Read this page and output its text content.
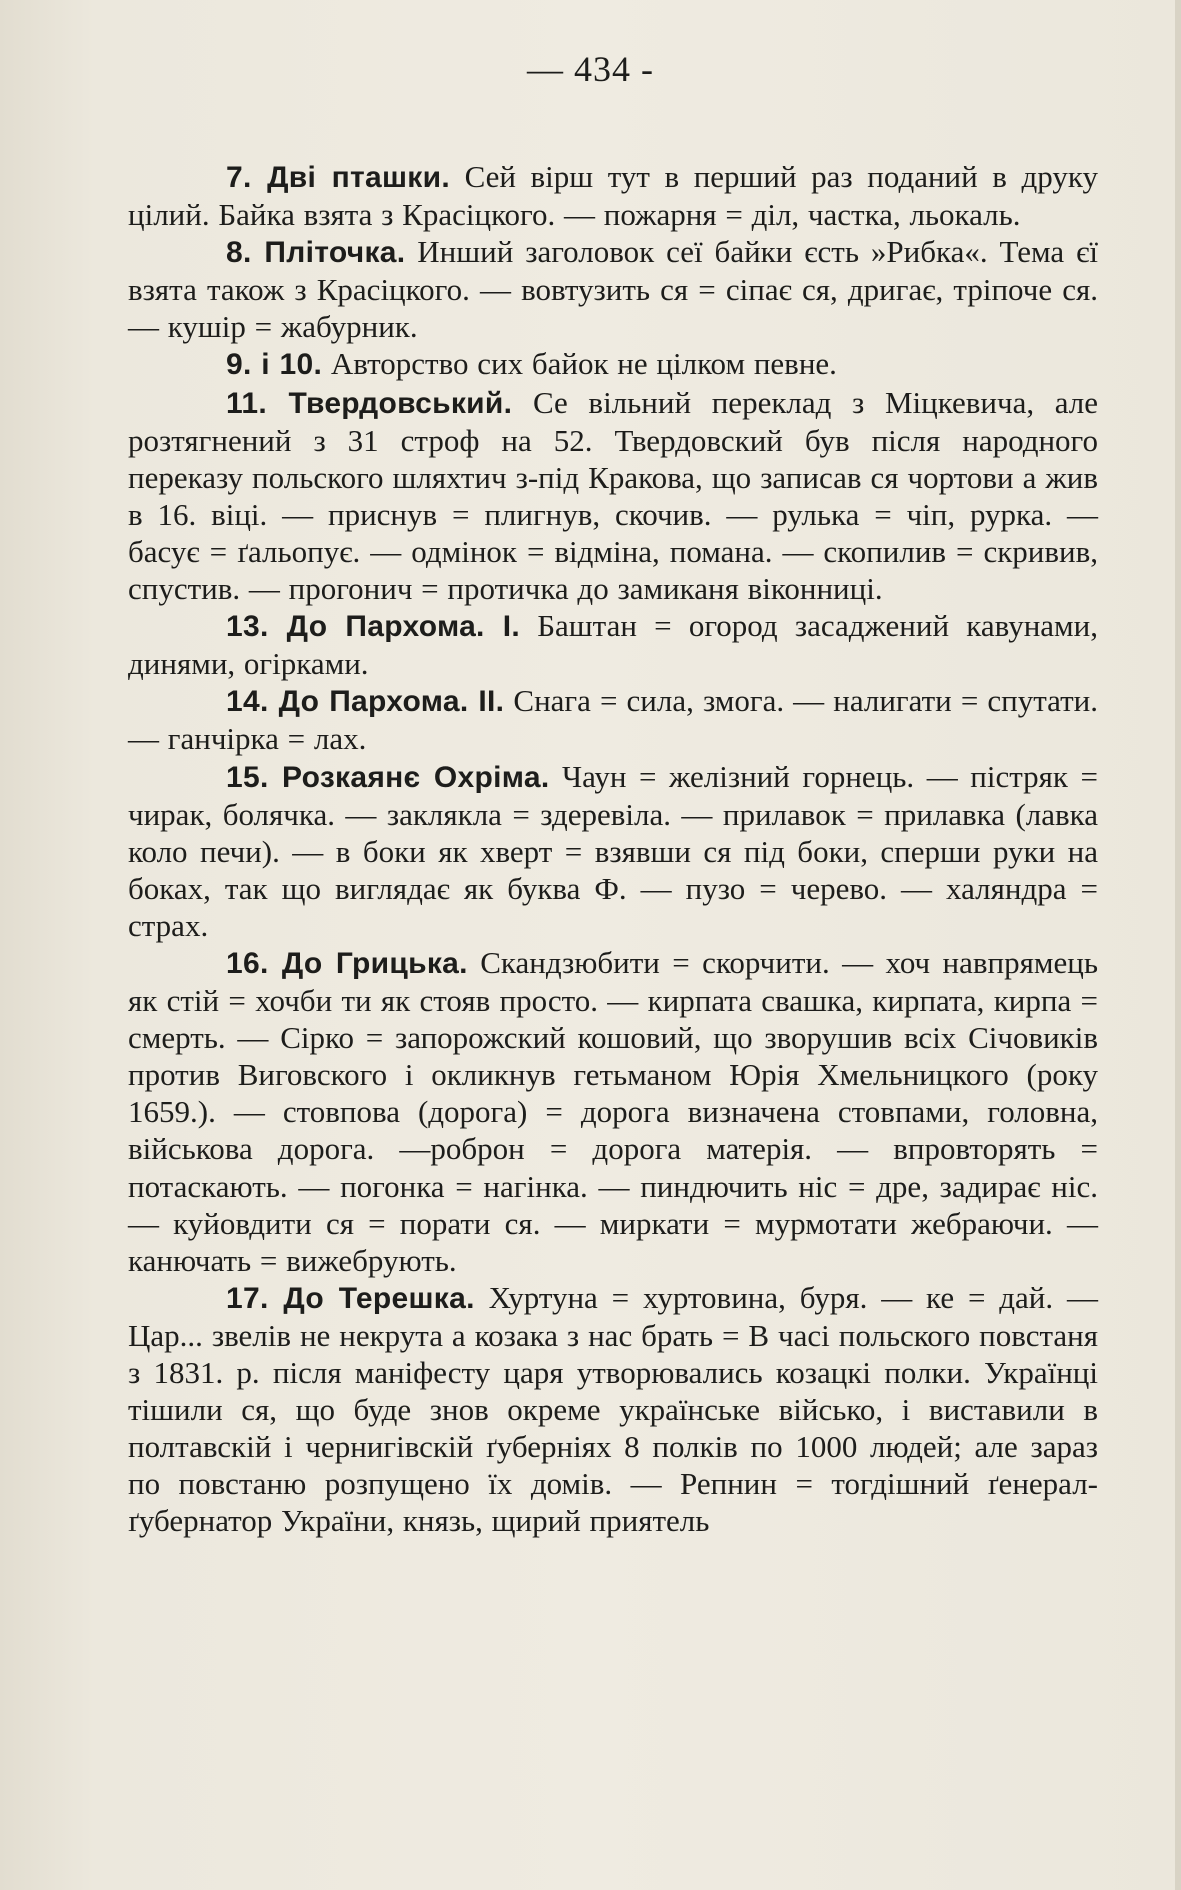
— 434 -

7. Дві пташки. Сей вірш тут в перший раз поданий в друку цілий. Байка взята з Красіцкого. — пожарня = діл, частка, льокаль.

8. Пліточка. Инший заголовок сеї байки єсть »Рибка«. Тема єї взята також з Красіцкого. — вовтузить ся = сіпає ся, дригає, тріпоче ся. — кушір = жабурник.

9. і 10. Авторство сих байок не цілком певне.

11. Твердовський. Се вільний переклад з Міцкевича, але розтягнений з 31 строф на 52. Твердовский був після народного переказу польского шляхтич з-під Кракова, що записав ся чортови а жив в 16. віці. — приснув = плигнув, скочив. — рулька = чіп, рурка. — басує = ґальопує. — одмінок = відміна, помана. — скопилив = скривив, спустив. — прогонич = протичка до замиканя віконниці.

13. До Пархома. I. Баштан = огород засаджений кавунами, динями, огірками.

14. До Пархома. II. Снага = сила, змога. — налигати = спутати. — ганчірка = лах.

15. Розкаянє Охріма. Чаун = желізний горнець. — пістряк = чирак, болячка. — заклякла = здеревіла. — прилавок = прилавка (лавка коло печи). — в боки як хверт = взявши ся під боки, сперши руки на боках, так що виглядає як буква Ф. — пузо = черево. — халяндра = страх.

16. До Грицька. Скандзюбити = скорчити. — хоч навпрямець як стій = хочби ти як стояв просто. — кирпата свашка, кирпата, кирпа = смерть. — Сірко = запорожский кошовий, що зворушив всіх Січовиків против Виговского і окликнув гетьманом Юрія Хмельницкого (року 1659.). — стовпова (дорога) = дорога визначена стовпами, головна, військова дорога. —роброн = дорога матерія. — впровторять = потаскають. — погонка = нагінка. — пиндючить ніс = дре, задирає ніс. — куйовдити ся = порати ся. — миркати = мурмотати жебраючи. — канючать = вижебрують.

17. До Терешка. Хуртуна = хуртовина, буря. — ке = дай. — Цар... звелів не некрута а козака з нас брать = В часі польского повстаня з 1831. р. після маніфесту царя утворювались козацкі полки. Українці тішили ся, що буде знов окреме українське військо, і виставили в полтавскій і чернигівскій ґуберніях 8 полків по 1000 людей; але зараз по повстаню розпущено їх домів. — Репнин = тогдішний ґенерал-ґубернатор України, князь, щирий приятель
